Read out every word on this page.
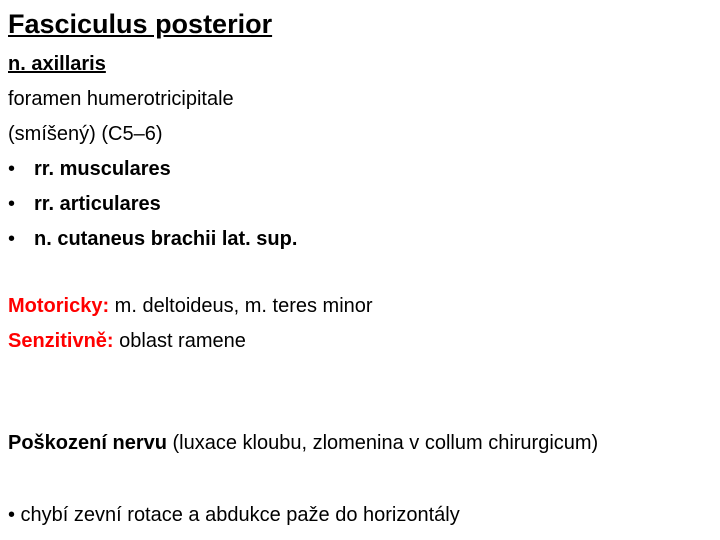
Fasciculus posterior
n. axillaris
foramen humerotricipitale
(smíšený) (C5–6)
• rr. musculares
• rr. articulares
• n. cutaneus brachii lat. sup.
Motoricky: m. deltoideus, m. teres minor
Senzitivně: oblast ramene
Poškození nervu (luxace kloubu, zlomenina v collum chirurgicum)
• chybí zevní rotace a abdukce paže do horizontály
